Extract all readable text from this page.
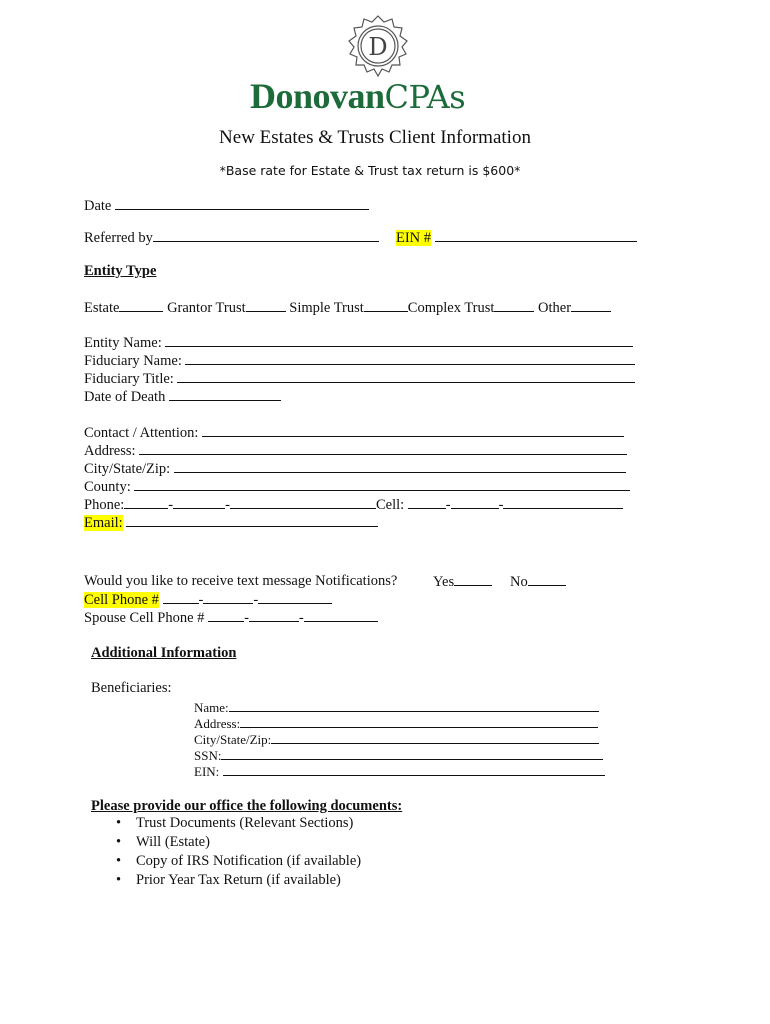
D
DonovanCPAs
New Estates & Trusts Client Information
*Base rate for Estate & Trust tax return is $600*
Date
Referred by	EIN #
Entity Type
Estate	Grantor Trust	Simple Trust	Complex Trust	Other
Entity Name:
Fiduciary Name:
Fiduciary Title:
Date of Death
Contact / Attention:
Address:
City/State/Zip:
County:
Phone:	-	-	Cell:	-	-
Email:
Would you like to receive text message Notifications? Yes	No
Cell Phone #	-	-
Spouse Cell Phone #	-	-
Additional Information
Beneficiaries:
Name:
Address:
City/State/Zip:
SSN:
EIN:
Please provide our office the following documents:
• Trust Documents (Relevant Sections)
• Will (Estate)
• Copy of IRS Notification (if available)
• Prior Year Tax Return (if available)
